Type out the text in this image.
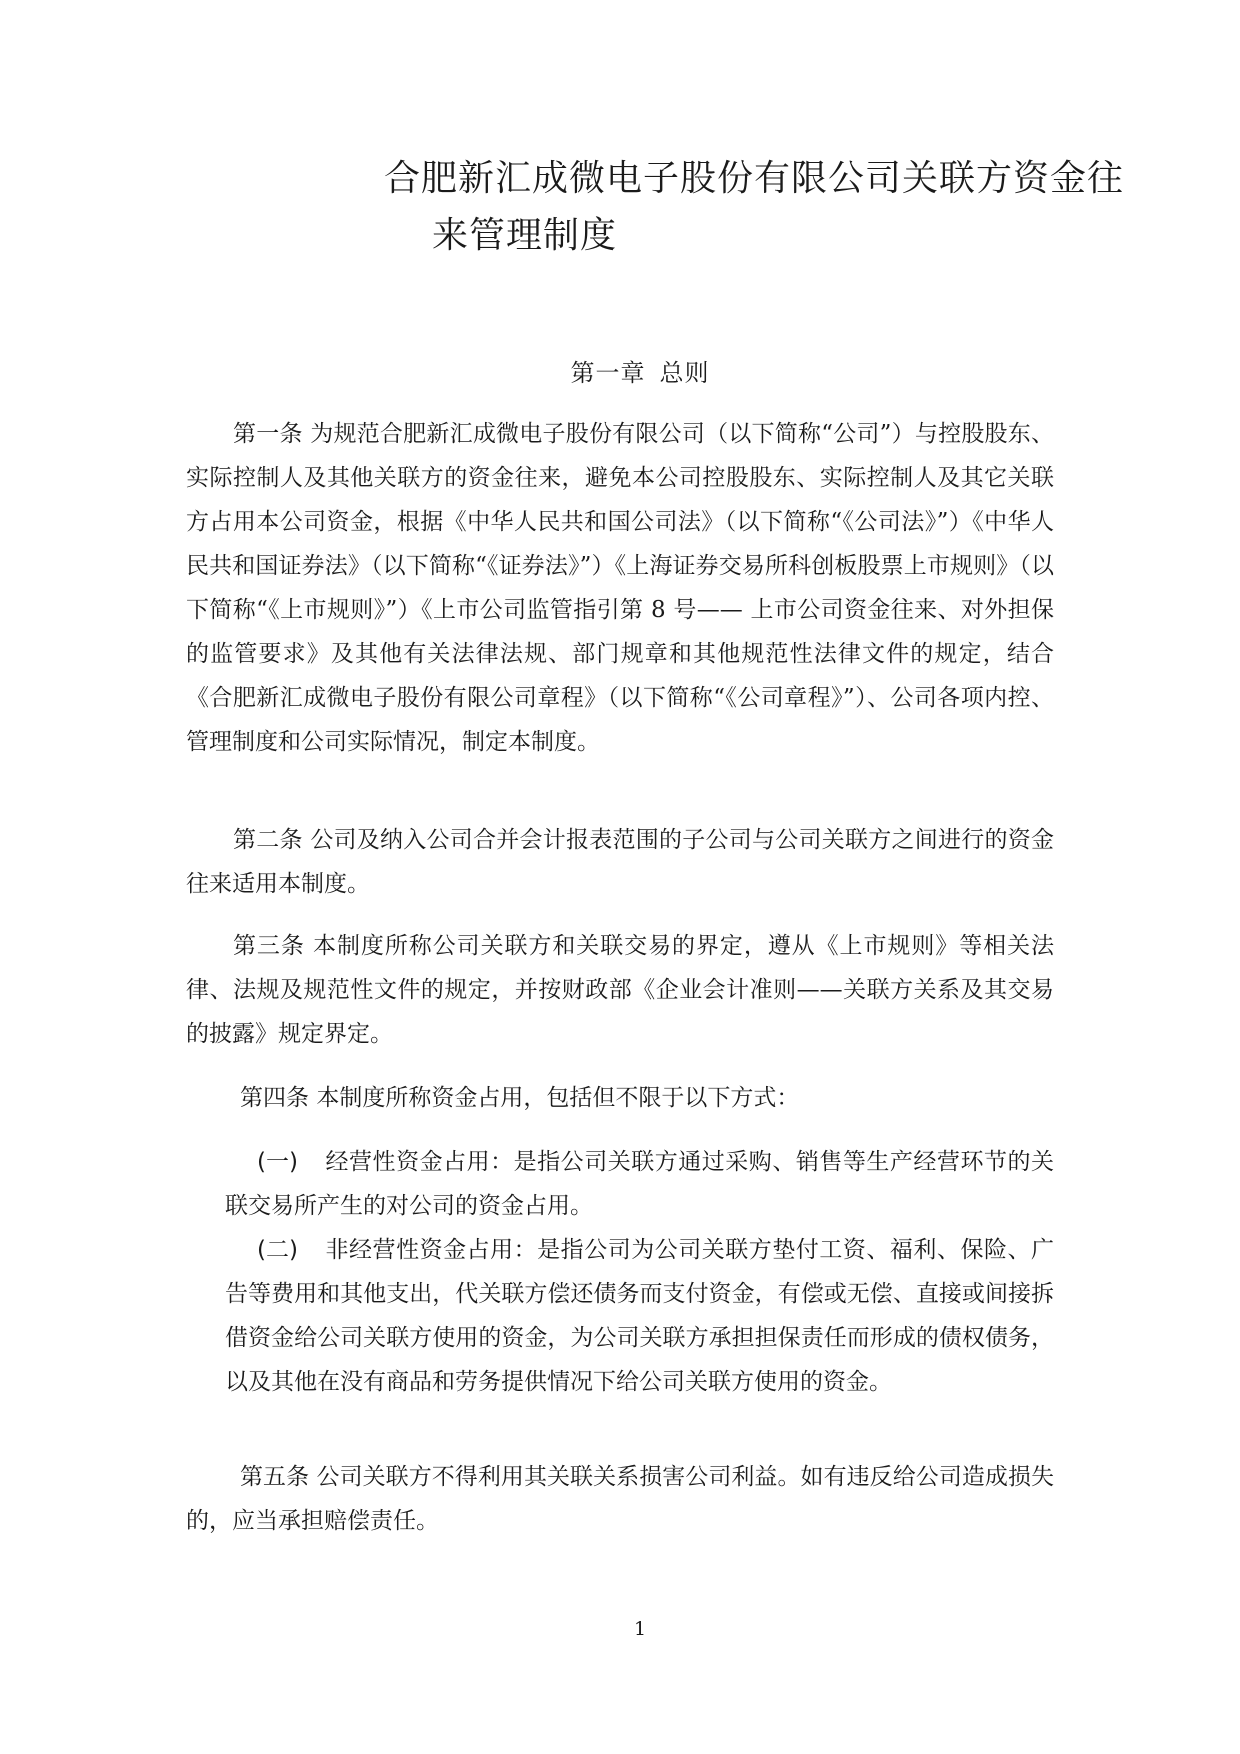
合肥新汇成微电子股份有限公司关联方资金往
来管理制度
第一章 总则

第一条 为规范合肥新汇成微电子股份有限公司（以下简称“公司”）与控股股东、实际控制人及其他关联方的资金往来，避免本公司控股股东、实际控制人及其它关联方占用本公司资金，根据《中华人民共和国公司法》（以下简称“《公司法》”）《中华人民共和国证券法》（以下简称“《证券法》”）《上海证券交易所科创板股票上市规则》（以下简称“《上市规则》”）《上市公司监管指引第 8 号—— 上市公司资金往来、对外担保的监管要求》及其他有关法律法规、部门规章和其他规范性法律文件的规定，结合《合肥新汇成微电子股份有限公司章程》（以下简称“《公司章程》”）、公司各项内控、管理制度和公司实际情况，制定本制度。

第二条 公司及纳入公司合并会计报表范围的子公司与公司关联方之间进行的资金往来适用本制度。

第三条 本制度所称公司关联方和关联交易的界定，遵从《上市规则》等相关法律、法规及规范性文件的规定，并按财政部《企业会计准则——关联方关系及其交易的披露》规定界定。

第四条 本制度所称资金占用，包括但不限于以下方式：

(一) 经营性资金占用：是指公司关联方通过采购、销售等生产经营环节的关联交易所产生的对公司的资金占用。

(二) 非经营性资金占用：是指公司为公司关联方垫付工资、福利、保险、广告等费用和其他支出，代关联方偿还债务而支付资金，有偿或无偿、直接或间接拆借资金给公司关联方使用的资金，为公司关联方承担担保责任而形成的债权债务，以及其他在没有商品和劳务提供情况下给公司关联方使用的资金。

第五条 公司关联方不得利用其关联关系损害公司利益。如有违反给公司造成损失的，应当承担赔偿责任。

1
